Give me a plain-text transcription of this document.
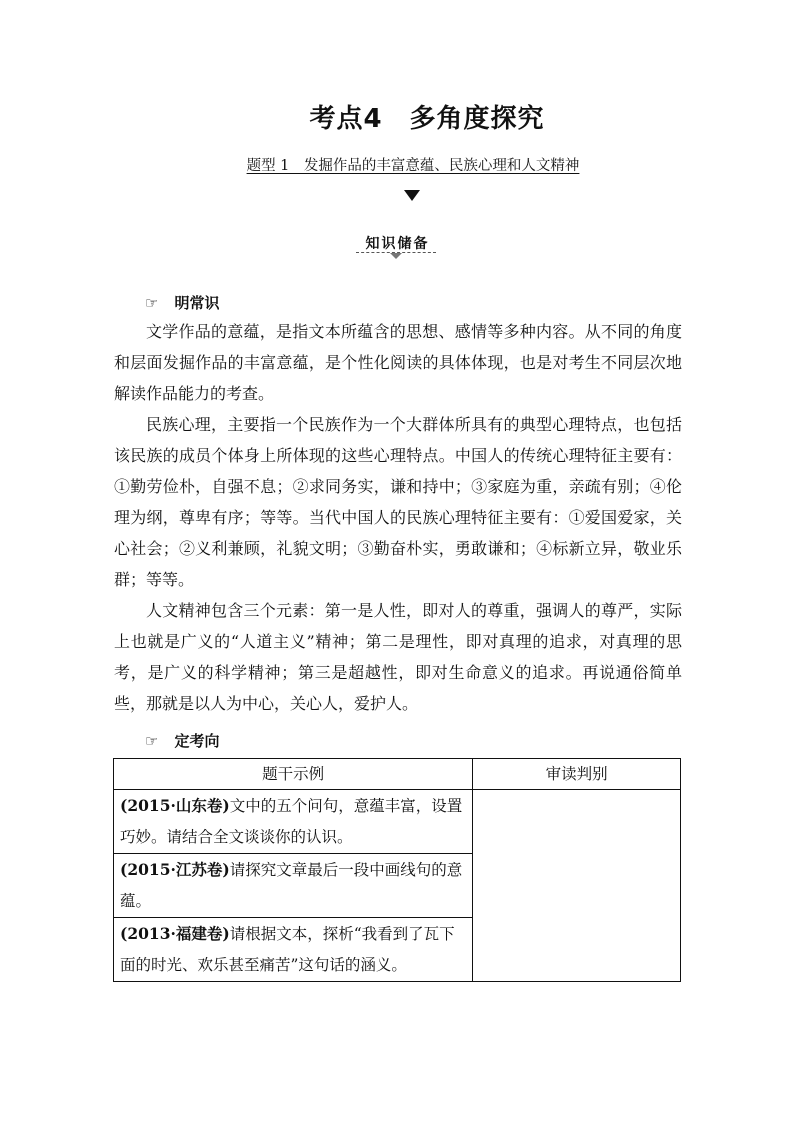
考点4　多角度探究
题型 1　发掘作品的丰富意蕴、民族心理和人文精神
知识储备
☞ 明常识

文学作品的意蕴，是指文本所蕴含的思想、感情等多种内容。从不同的角度和层面发掘作品的丰富意蕴，是个性化阅读的具体体现，也是对考生不同层次地解读作品能力的考查。

民族心理，主要指一个民族作为一个大群体所具有的典型心理特点，也包括该民族的成员个体身上所体现的这些心理特点。中国人的传统心理特征主要有：①勤劳俭朴，自强不息；②求同务实，谦和持中；③家庭为重，亲疏有别；④伦理为纲，尊卑有序；等等。当代中国人的民族心理特征主要有：①爱国爱家，关心社会；②义利兼顾，礼貌文明；③勤奋朴实，勇敢谦和；④标新立异，敬业乐群；等等。

人文精神包含三个元素：第一是人性，即对人的尊重，强调人的尊严，实际上也就是广义的“人道主义”精神；第二是理性，即对真理的追求，对真理的思考，是广义的科学精神；第三是超越性，即对生命意义的追求。再说通俗简单些，那就是以人为中心，关心人，爱护人。

☞ 定考向
题干示例	审读判别
(2015·山东卷)文中的五个问句，意蕴丰富，设置巧妙。请结合全文谈谈你的认识。	
(2015·江苏卷)请探究文章最后一段中画线句的意蕴。	
(2013·福建卷)请根据文本，探析“我看到了瓦下面的时光、欢乐甚至痛苦”这句话的涵义。	
